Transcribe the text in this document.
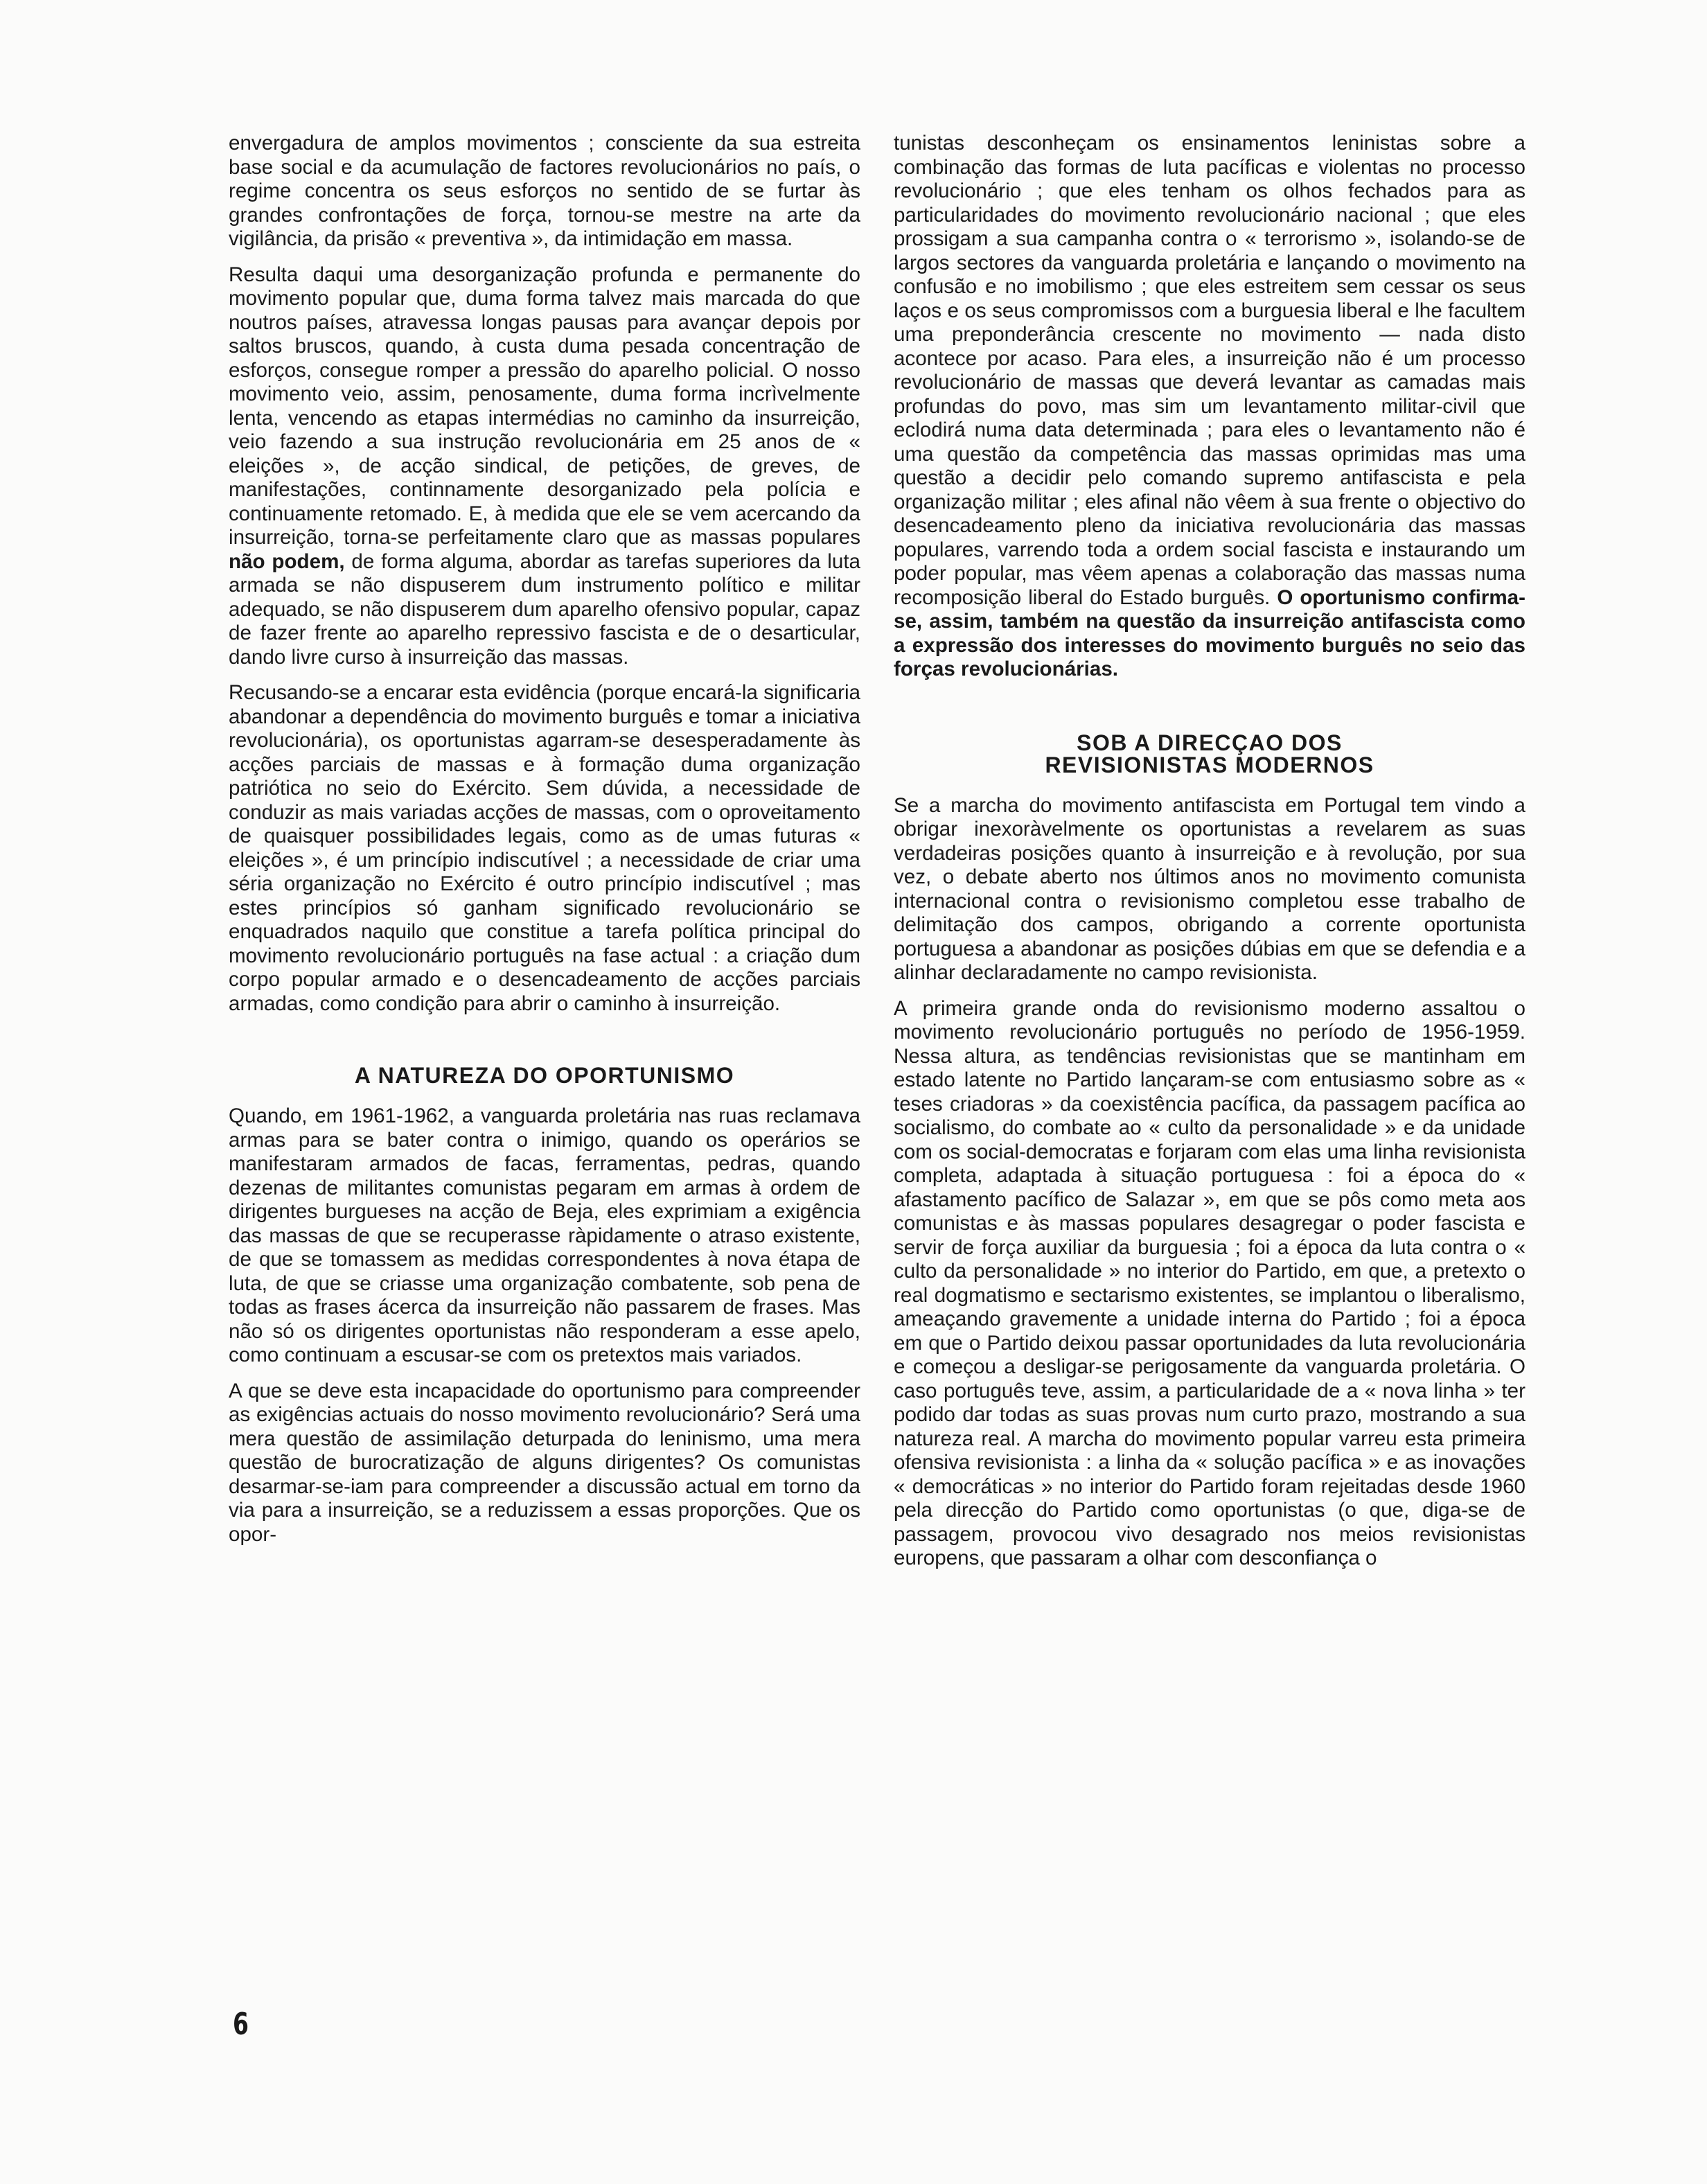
envergadura de amplos movimentos ; consciente da sua estreita base social e da acumulação de factores revolucionários no país, o regime concentra os seus esforços no sentido de se furtar às grandes confrontações de força, tornou-se mestre na arte da vigilância, da prisão « preventiva », da intimidação em massa.

Resulta daqui uma desorganização profunda e permanente do movimento popular que, duma forma talvez mais marcada do que noutros países, atravessa longas pausas para avançar depois por saltos bruscos, quando, à custa duma pesada concentração de esforços, consegue romper a pressão do aparelho policial. O nosso movimento veio, assim, penosamente, duma forma incrìvelmente lenta, vencendo as etapas intermédias no caminho da insurreição, veio fazendo a sua instrução revolucionária em 25 anos de « eleições », de acção sindical, de petições, de greves, de manifestações, continnamente desorganizado pela polícia e continuamente retomado. E, à medida que ele se vem acercando da insurreição, torna-se perfeitamente claro que as massas populares não podem, de forma alguma, abordar as tarefas superiores da luta armada se não dispuserem dum instrumento político e militar adequado, se não dispuserem dum aparelho ofensivo popular, capaz de fazer frente ao aparelho repressivo fascista e de o desarticular, dando livre curso à insurreição das massas.

Recusando-se a encarar esta evidência (porque encará-la significaria abandonar a dependência do movimento burguês e tomar a iniciativa revolucionária), os oportunistas agarram-se desesperadamente às acções parciais de massas e à formação duma organização patriótica no seio do Exército. Sem dúvida, a necessidade de conduzir as mais variadas acções de massas, com o oproveitamento de quaisquer possibilidades legais, como as de umas futuras « eleições », é um princípio indiscutível ; a necessidade de criar uma séria organização no Exército é outro princípio indiscutível ; mas estes princípios só ganham significado revolucionário se enquadrados naquilo que constitue a tarefa política principal do movimento revolucionário português na fase actual : a criação dum corpo popular armado e o desencadeamento de acções parciais armadas, como condição para abrir o caminho à insurreição.

A NATUREZA DO OPORTUNISMO

Quando, em 1961-1962, a vanguarda proletária nas ruas reclamava armas para se bater contra o inimigo, quando os operários se manifestaram armados de facas, ferramentas, pedras, quando dezenas de militantes comunistas pegaram em armas à ordem de dirigentes burgueses na acção de Beja, eles exprimiam a exigência das massas de que se recuperasse ràpidamente o atraso existente, de que se tomassem as medidas correspondentes à nova étapa de luta, de que se criasse uma organização combatente, sob pena de todas as frases ácerca da insurreição não passarem de frases. Mas não só os dirigentes oportunistas não responderam a esse apelo, como continuam a escusar-se com os pretextos mais variados.

A que se deve esta incapacidade do oportunismo para compreender as exigências actuais do nosso movimento revolucionário? Será uma mera questão de assimilação deturpada do leninismo, uma mera questão de burocratização de alguns dirigentes? Os comunistas desarmar-se-iam para compreender a discussão actual em torno da via para a insurreição, se a reduzissem a essas proporções. Que os opor-

tunistas desconheçam os ensinamentos leninistas sobre a combinação das formas de luta pacíficas e violentas no processo revolucionário ; que eles tenham os olhos fechados para as particularidades do movimento revolucionário nacional ; que eles prossigam a sua campanha contra o « terrorismo », isolando-se de largos sectores da vanguarda proletária e lançando o movimento na confusão e no imobilismo ; que eles estreitem sem cessar os seus laços e os seus compromissos com a burguesia liberal e lhe facultem uma preponderância crescente no movimento — nada disto acontece por acaso. Para eles, a insurreição não é um processo revolucionário de massas que deverá levantar as camadas mais profundas do povo, mas sim um levantamento militar-civil que eclodirá numa data determinada ; para eles o levantamento não é uma questão da competência das massas oprimidas mas uma questão a decidir pelo comando supremo antifascista e pela organização militar ; eles afinal não vêem à sua frente o objectivo do desencadeamento pleno da iniciativa revolucionária das massas populares, varrendo toda a ordem social fascista e instaurando um poder popular, mas vêem apenas a colaboração das massas numa recomposição liberal do Estado burguês. O oportunismo confirma-se, assim, também na questão da insurreição antifascista como a expressão dos interesses do movimento burguês no seio das forças revolucionárias.

SOB A DIRECÇAO DOS
REVISIONISTAS MODERNOS

Se a marcha do movimento antifascista em Portugal tem vindo a obrigar inexoràvelmente os oportunistas a revelarem as suas verdadeiras posições quanto à insurreição e à revolução, por sua vez, o debate aberto nos últimos anos no movimento comunista internacional contra o revisionismo completou esse trabalho de delimitação dos campos, obrigando a corrente oportunista portuguesa a abandonar as posições dúbias em que se defendia e a alinhar declaradamente no campo revisionista.

A primeira grande onda do revisionismo moderno assaltou o movimento revolucionário português no período de 1956-1959. Nessa altura, as tendências revisionistas que se mantinham em estado latente no Partido lançaram-se com entusiasmo sobre as « teses criadoras » da coexistência pacífica, da passagem pacífica ao socialismo, do combate ao « culto da personalidade » e da unidade com os social-democratas e forjaram com elas uma linha revisionista completa, adaptada à situação portuguesa : foi a época do « afastamento pacífico de Salazar », em que se pôs como meta aos comunistas e às massas populares desagregar o poder fascista e servir de força auxiliar da burguesia ; foi a época da luta contra o « culto da personalidade » no interior do Partido, em que, a pretexto o real dogmatismo e sectarismo existentes, se implantou o liberalismo, ameaçando gravemente a unidade interna do Partido ; foi a época em que o Partido deixou passar oportunidades da luta revolucionária e começou a desligar-se perigosamente da vanguarda proletária. O caso português teve, assim, a particularidade de a « nova linha » ter podido dar todas as suas provas num curto prazo, mostrando a sua natureza real. A marcha do movimento popular varreu esta primeira ofensiva revisionista : a linha da « solução pacífica » e as inovações « democráticas » no interior do Partido foram rejeitadas desde 1960 pela direcção do Partido como oportunistas (o que, diga-se de passagem, provocou vivo desagrado nos meios revisionistas europens, que passaram a olhar com desconfiança o

6
